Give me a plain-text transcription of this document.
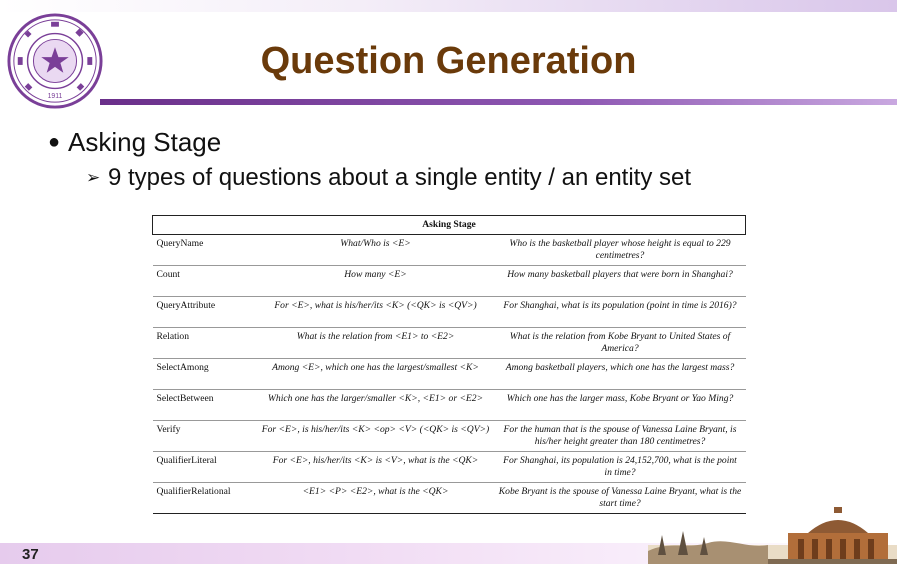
1911
Question Generation
● Asking Stage
➢ 9 types of questions about a single entity / an entity set
Asking Stage		
QueryName	What/Who is <E>	Who is the basketball player whose height is equal to 229 centimetres?
Count	How many <E>	How many basketball players that were born in Shanghai?
QueryAttribute	For <E>, what is his/her/its <K> (<QK> is <QV>)	For Shanghai, what is its population (point in time is 2016)?
Relation	What is the relation from <E1> to <E2>	What is the relation from Kobe Bryant to United States of America?
SelectAmong	Among <E>, which one has the largest/smallest <K>	Among basketball players, which one has the largest mass?
SelectBetween	Which one has the larger/smaller <K>, <E1> or <E2>	Which one has the larger mass, Kobe Bryant or Yao Ming?
Verify	For <E>, is his/her/its <K> <op> <V> (<QK> is <QV>)	For the human that is the spouse of Vanessa Laine Bryant, is his/her height greater than 180 centimetres?
QualifierLiteral	For <E>, his/her/its <K> is <V>, what is the <QK>	For Shanghai, its population is 24,152,700, what is the point in time?
QualifierRelational	<E1> <P> <E2>, what is the <QK>	Kobe Bryant is the spouse of Vanessa Laine Bryant, what is the start time?
37
